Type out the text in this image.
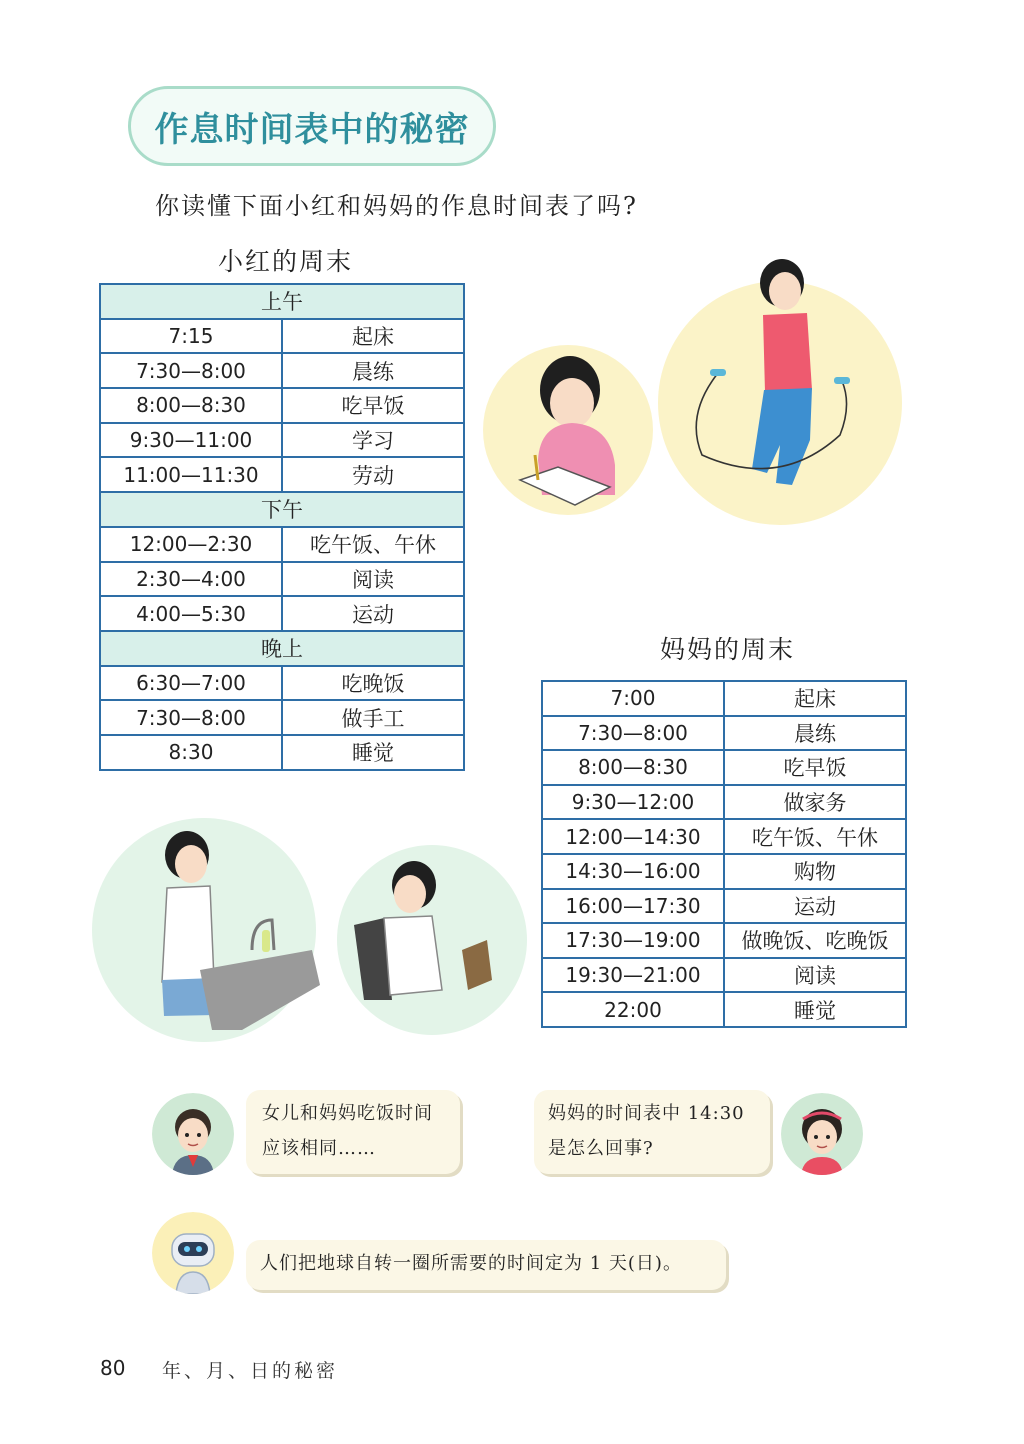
作息时间表中的秘密
你读懂下面小红和妈妈的作息时间表了吗?
小红的周末
上午	
7:15	起床
7:30—8:00	晨练
8:00—8:30	吃早饭
9:30—11:00	学习
11:00—11:30	劳动
下午	
12:00—2:30	吃午饭、午休
2:30—4:00	阅读
4:00—5:30	运动
晚上	
6:30—7:00	吃晚饭
7:30—8:00	做手工
8:30	睡觉
妈妈的周末
7:00	起床
7:30—8:00	晨练
8:00—8:30	吃早饭
9:30—12:00	做家务
12:00—14:30	吃午饭、午休
14:30—16:00	购物
16:00—17:30	运动
17:30—19:00	做晚饭、吃晚饭
19:30—21:00	阅读
22:00	睡觉
女儿和妈妈吃饭时间
应该相同……
妈妈的时间表中 14:30
是怎么回事?
人们把地球自转一圈所需要的时间定为 1 天(日)。
80 年、月、日的秘密
